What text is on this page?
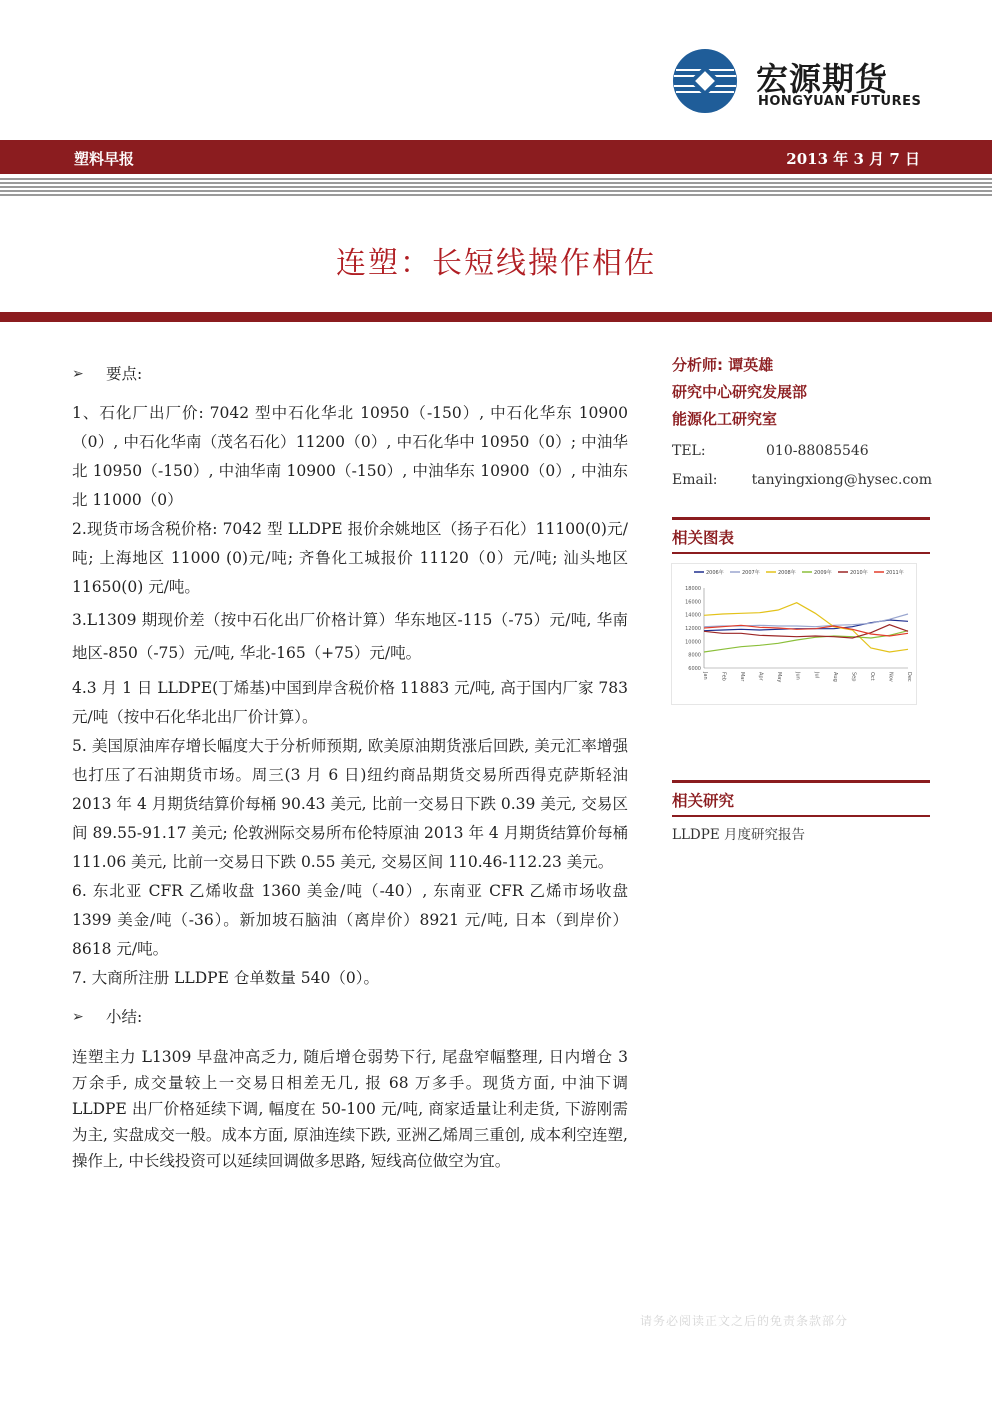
宏源期货
HONGYUAN FUTURES
塑料早报	2013 年 3 月 7 日
连塑：长短线操作相佐
➢	要点:

1、石化厂出厂价: 7042 型中石化华北 10950（-150）, 中石化华东 10900（0）, 中石化华南（茂名石化）11200（0）, 中石化华中 10950（0）; 中油华北 10950（-150）, 中油华南 10900（-150）, 中油华东 10900（0）, 中油东北 11000（0）

2.现货市场含税价格: 7042 型 LLDPE 报价余姚地区（扬子石化）11100(0)元/吨; 上海地区 11000 (0)元/吨; 齐鲁化工城报价 11120（0）元/吨; 汕头地区 11650(0) 元/吨。

3.L1309 期现价差（按中石化出厂价格计算）华东地区-115（-75）元/吨, 华南地区-850（-75）元/吨, 华北-165（+75）元/吨。

4.3 月 1 日 LLDPE(丁烯基)中国到岸含税价格 11883 元/吨, 高于国内厂家 783 元/吨（按中石化华北出厂价计算）。

5. 美国原油库存增长幅度大于分析师预期, 欧美原油期货涨后回跌, 美元汇率增强也打压了石油期货市场。周三(3 月 6 日)纽约商品期货交易所西得克萨斯轻油 2013 年 4 月期货结算价每桶 90.43 美元, 比前一交易日下跌 0.39 美元, 交易区间 89.55-91.17 美元; 伦敦洲际交易所布伦特原油 2013 年 4 月期货结算价每桶 111.06 美元, 比前一交易日下跌 0.55 美元, 交易区间 110.46-112.23 美元。

6. 东北亚 CFR 乙烯收盘 1360 美金/吨（-40）, 东南亚 CFR 乙烯市场收盘 1399 美金/吨（-36）。新加坡石脑油（离岸价）8921 元/吨, 日本（到岸价）8618 元/吨。

7. 大商所注册 LLDPE 仓单数量 540（0）。

➢	小结:

连塑主力 L1309 早盘冲高乏力, 随后增仓弱势下行, 尾盘窄幅整理, 日内增仓 3 万余手, 成交量较上一交易日相差无几, 报 68 万多手。现货方面, 中油下调 LLDPE 出厂价格延续下调, 幅度在 50-100 元/吨, 商家适量让利走货, 下游刚需为主, 实盘成交一般。成本方面, 原油连续下跌, 亚洲乙烯周三重创, 成本利空连塑, 操作上, 中长线投资可以延续回调做多思路, 短线高位做空为宜。

分析师: 谭英雄
研究中心研究发展部
能源化工研究室
TEL:	010-88085546
Email:	tanyingxiong@hysec.com
相关图表
18000
16000
14000
12000
10000
8000
6000
Jan	Feb	Mar	Apr	May	Jun	Jul	Aug	Sep	Oct	Nov	Dec
2006年	2007年	2008年	2009年	2010年	2011年
相关研究
LLDPE 月度研究报告
请务必阅读正文之后的免责条款部分
